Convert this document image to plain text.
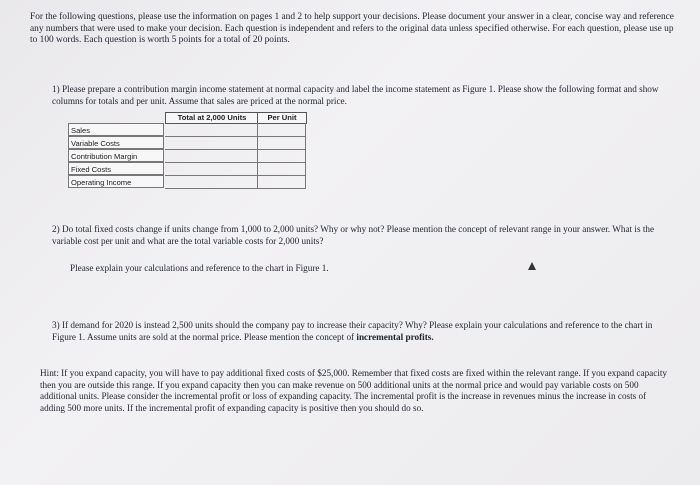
For the following questions, please use the information on pages 1 and 2 to help support your decisions. Please document your answer in a clear, concise way and reference any numbers that were used to make your decision. Each question is independent and refers to the original data unless specified otherwise. For each question, please use up to 100 words. Each question is worth 5 points for a total of 20 points.

1) Please prepare a contribution margin income statement at normal capacity and label the income statement as Figure 1. Please show the following format and show columns for totals and per unit. Assume that sales are priced at the normal price.

Total at 2,000 Units	Per Unit
Sales
Variable Costs
Contribution Margin
Fixed Costs
Operating Income

2) Do total fixed costs change if units change from 1,000 to 2,000 units? Why or why not? Please mention the concept of relevant range in your answer. What is the variable cost per unit and what are the total variable costs for 2,000 units?

Please explain your calculations and reference to the chart in Figure 1.

3) If demand for 2020 is instead 2,500 units should the company pay to increase their capacity? Why? Please explain your calculations and reference to the chart in Figure 1. Assume units are sold at the normal price. Please mention the concept of incremental profits.

Hint: If you expand capacity, you will have to pay additional fixed costs of $25,000. Remember that fixed costs are fixed within the relevant range. If you expand capacity then you are outside this range. If you expand capacity then you can make revenue on 500 additional units at the normal price and would pay variable costs on 500 additional units. Please consider the incremental profit or loss of expanding capacity. The incremental profit is the increase in revenues minus the increase in costs of adding 500 more units. If the incremental profit of expanding capacity is positive then you should do so.
